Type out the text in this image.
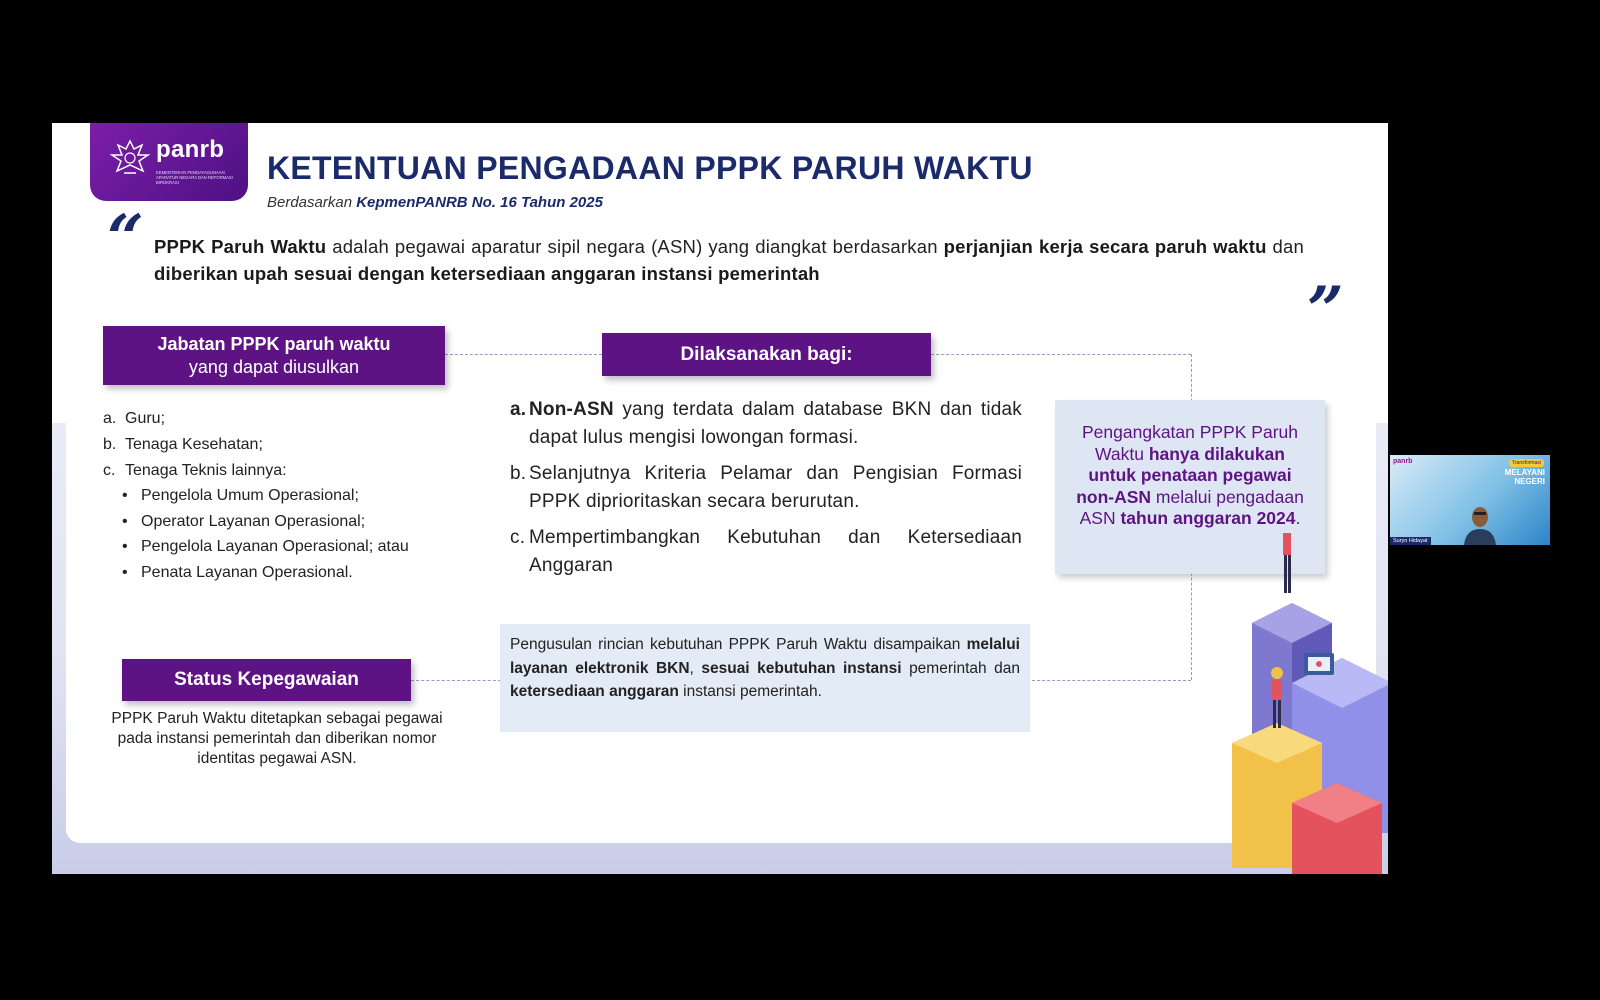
panrb
KEMENTERIAN PENDAYAGUNAAN APARATUR NEGARA DAN REFORMASI BIROKRASI	KETENTUAN PENGADAAN PPPK PARUH WAKTU
Berdasarkan KepmenPANRB No. 16 Tahun 2025
“ PPPK Paruh Waktu adalah pegawai aparatur sipil negara (ASN) yang diangkat berdasarkan perjanjian kerja secara paruh waktu dan diberikan upah sesuai dengan ketersediaan anggaran instansi pemerintah	”
Jabatan PPPK paruh waktu
yang dapat diusulkan
a. Guru;
b. Tenaga Kesehatan;
c. Tenaga Teknis lainnya:
• Pengelola Umum Operasional;
• Operator Layanan Operasional;
• Pengelola Layanan Operasional; atau
• Penata Layanan Operasional.
Dilaksanakan bagi:
a. Non-ASN yang terdata dalam database BKN dan tidak dapat lulus mengisi lowongan formasi.
b. Selanjutnya Kriteria Pelamar dan Pengisian Formasi PPPK diprioritaskan secara berurutan.
c. Mempertimbangkan Kebutuhan dan Ketersediaan Anggaran
Pengusulan rincian kebutuhan PPPK Paruh Waktu disampaikan melalui layanan elektronik BKN, sesuai kebutuhan instansi pemerintah dan ketersediaan anggaran instansi pemerintah.
Status Kepegawaian
PPPK Paruh Waktu ditetapkan sebagai pegawai pada instansi pemerintah dan diberikan nomor identitas pegawai ASN.
Pengangkatan PPPK Paruh Waktu hanya dilakukan untuk penataan pegawai non-ASN melalui pengadaan ASN tahun anggaran 2024.
panrb	Transformasi
MELAYANI
NEGERI
Suryo Hidayat
